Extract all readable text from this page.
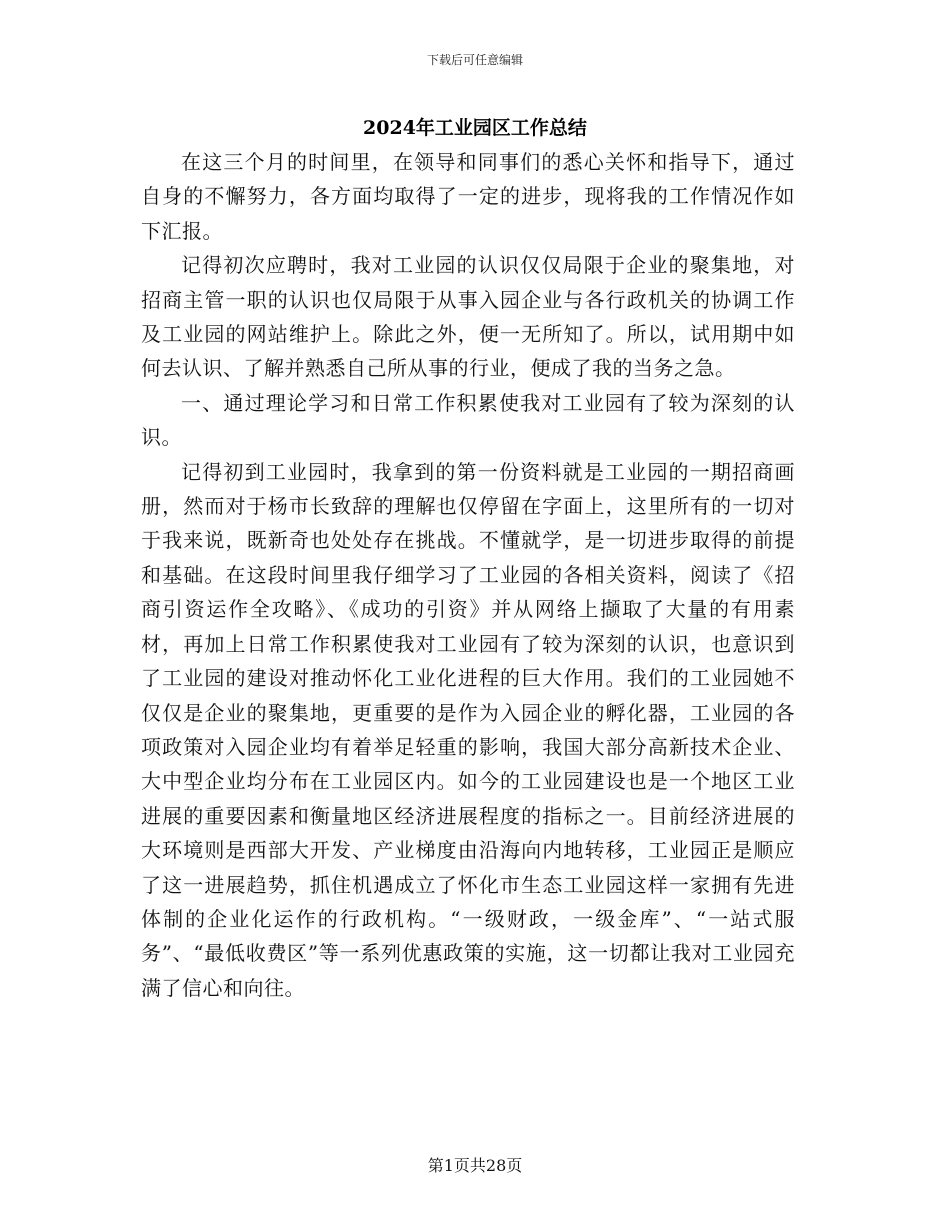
下载后可任意编辑
2024年工业园区工作总结

在这三个月的时间里，在领导和同事们的悉心关怀和指导下，通过自身的不懈努力，各方面均取得了一定的进步，现将我的工作情况作如下汇报。

记得初次应聘时，我对工业园的认识仅仅局限于企业的聚集地，对招商主管一职的认识也仅局限于从事入园企业与各行政机关的协调工作及工业园的网站维护上。除此之外，便一无所知了。所以，试用期中如何去认识、了解并熟悉自己所从事的行业，便成了我的当务之急。

一、通过理论学习和日常工作积累使我对工业园有了较为深刻的认识。

记得初到工业园时，我拿到的第一份资料就是工业园的一期招商画册，然而对于杨市长致辞的理解也仅停留在字面上，这里所有的一切对于我来说，既新奇也处处存在挑战。不懂就学，是一切进步取得的前提和基础。在这段时间里我仔细学习了工业园的各相关资料，阅读了《招商引资运作全攻略》、《成功的引资》并从网络上撷取了大量的有用素材，再加上日常工作积累使我对工业园有了较为深刻的认识，也意识到了工业园的建设对推动怀化工业化进程的巨大作用。我们的工业园她不仅仅是企业的聚集地，更重要的是作为入园企业的孵化器，工业园的各项政策对入园企业均有着举足轻重的影响，我国大部分高新技术企业、大中型企业均分布在工业园区内。如今的工业园建设也是一个地区工业进展的重要因素和衡量地区经济进展程度的指标之一。目前经济进展的大环境则是西部大开发、产业梯度由沿海向内地转移，工业园正是顺应了这一进展趋势，抓住机遇成立了怀化市生态工业园这样一家拥有先进体制的企业化运作的行政机构。“一级财政，一级金库”、“一站式服务”、“最低收费区”等一系列优惠政策的实施，这一切都让我对工业园充满了信心和向往。

第1页共28页
